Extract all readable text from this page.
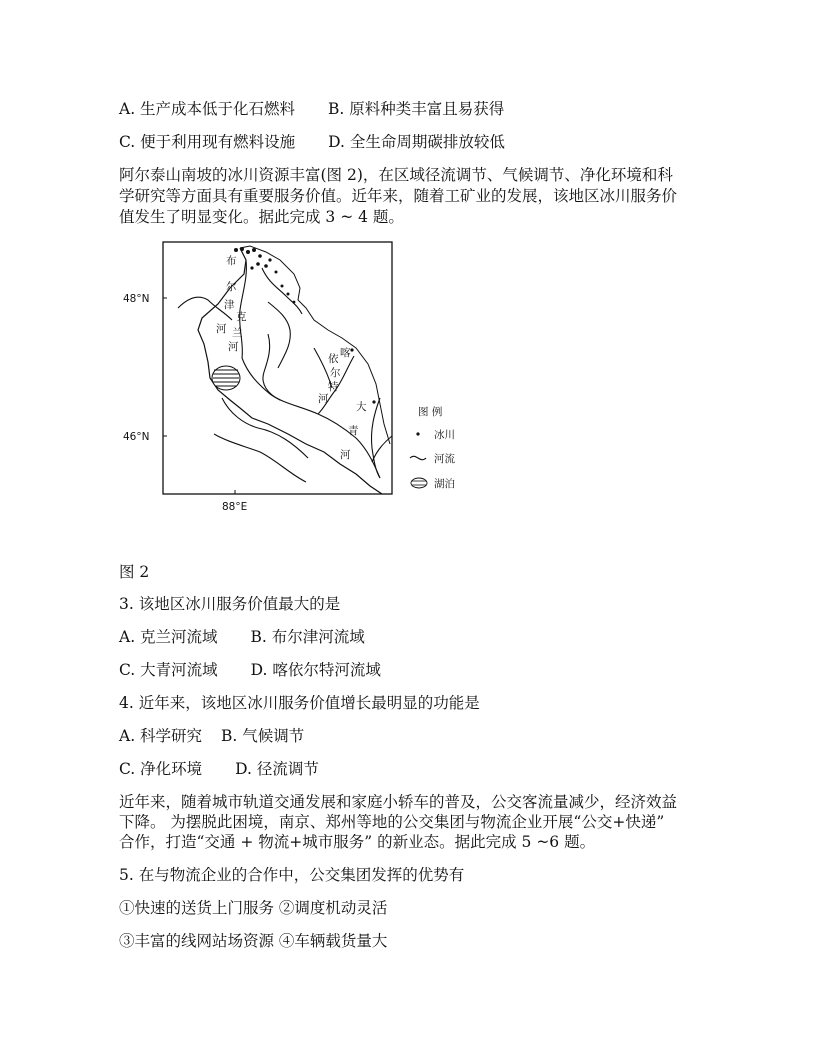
A. 生产成本低于化石燃料 B. 原料种类丰富且易获得
C. 便于利用现有燃料设施 D. 全生命周期碳排放较低
阿尔泰山南坡的冰川资源丰富(图 2)，在区域径流调节、气候调节、净化环境和科
学研究等方面具有重要服务价值。近年来，随着工矿业的发展，该地区冰川服务价
值发生了明显变化。据此完成 3 ~ 4 题。
48°N
46°N
88°E
布
尔
津
河
克
兰
河	喀
依
尔
特
河
大
青
河
图 例
冰川
河流
湖泊
图 2
3. 该地区冰川服务价值最大的是
A. 克兰河流域 B. 布尔津河流域
C. 大青河流域 D. 喀依尔特河流域
4. 近年来，该地区冰川服务价值增长最明显的功能是
A. 科学研究 B. 气候调节
C. 净化环境 D. 径流调节
近年来，随着城市轨道交通发展和家庭小轿车的普及，公交客流量减少，经济效益
下降。 为摆脱此困境，南京、郑州等地的公交集团与物流企业开展“公交+快递”
合作，打造“交通 + 物流+城市服务” 的新业态。据此完成 5 ~6 题。
5. 在与物流企业的合作中，公交集团发挥的优势有
①快速的送货上门服务 ②调度机动灵活
③丰富的线网站场资源 ④车辆载货量大
